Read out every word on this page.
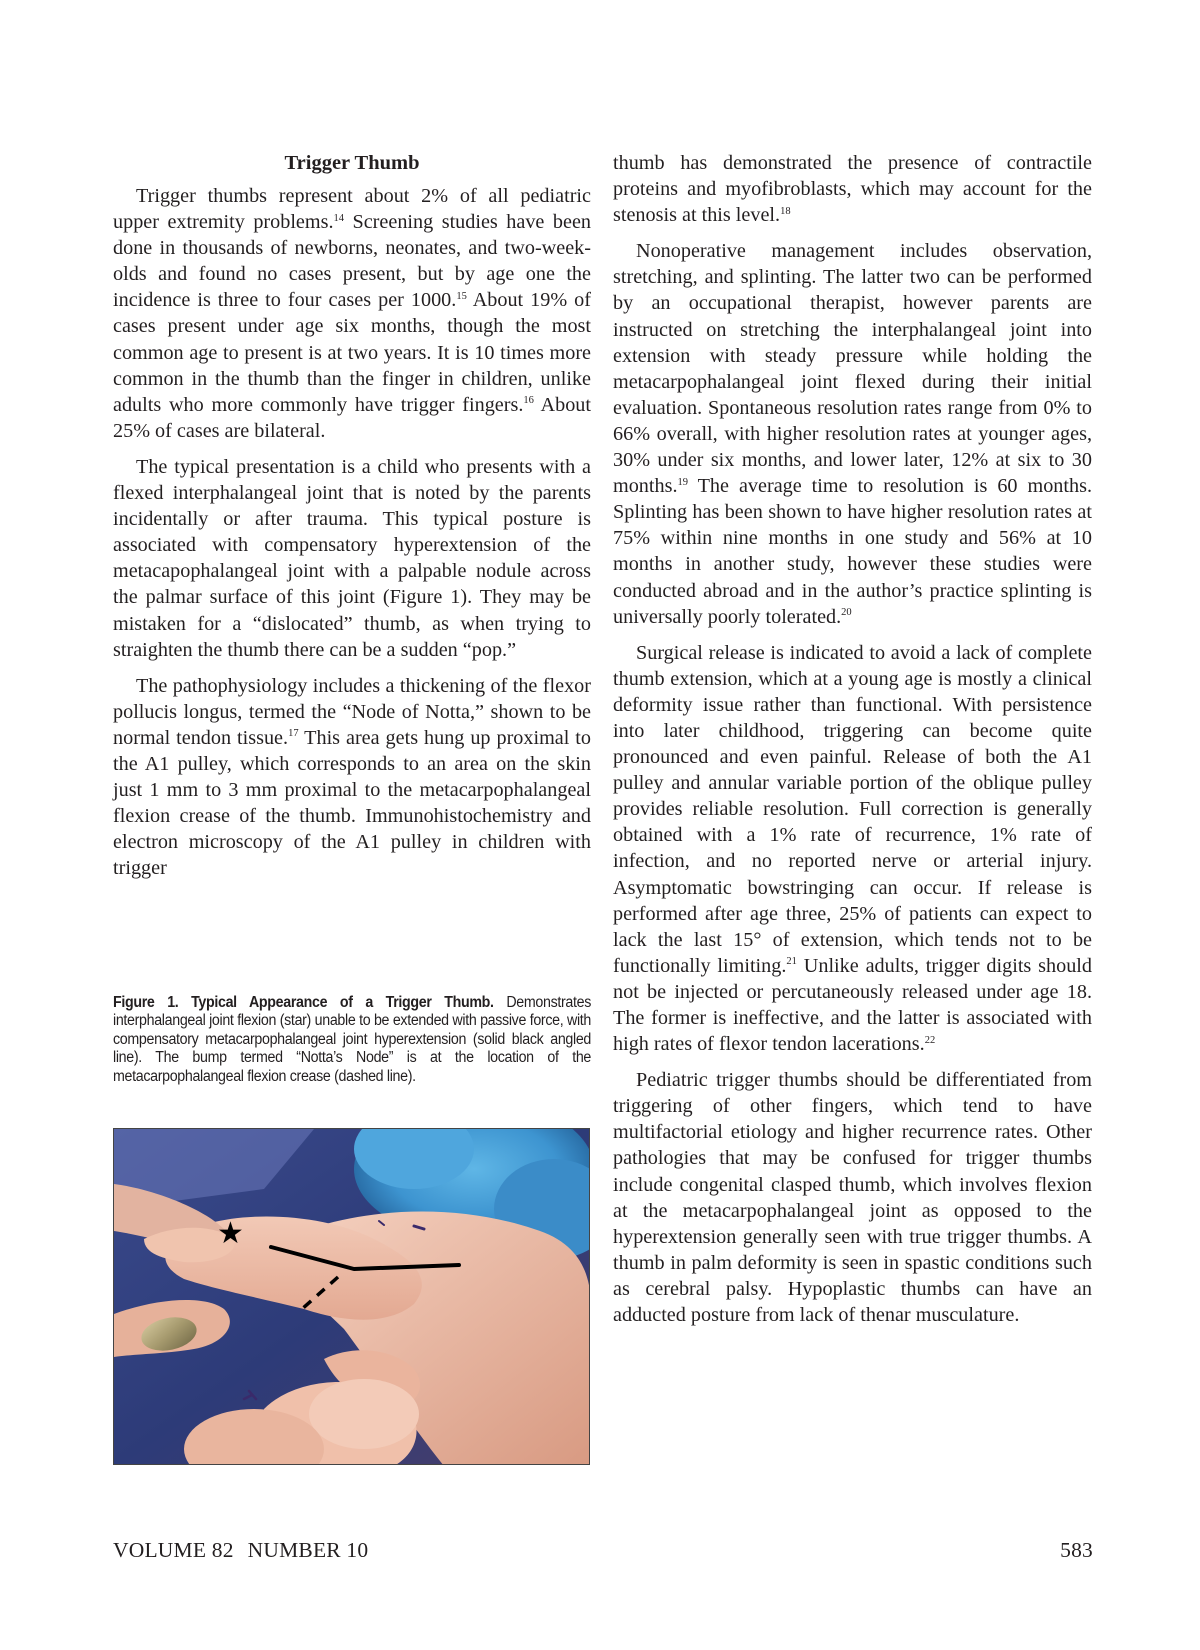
Trigger Thumb

Trigger thumbs represent about 2% of all pediatric upper extremity problems.$^{14}$ Screening studies have been done in thousands of newborns, neonates, and two-week-olds and found no cases present, but by age one the incidence is three to four cases per 1000.15 About 19% of cases present under age six months, though the most common age to present is at two years. It is 10 times more common in the thumb than the finger in children, unlike adults who more commonly have trigger fingers.$^{16}$ About 25% of cases are bilateral.

The typical presentation is a child who presents with a flexed interphalangeal joint that is noted by the parents incidentally or after trauma. This typical posture is associated with compensatory hyperextension of the metacapophalangeal joint with a palpable nodule across the palmar surface of this joint (Figure 1). They may be mistaken for a “dislocated” thumb, as when trying to straighten the thumb there can be a sudden “pop.”

The pathophysiology includes a thickening of the flexor pollucis longus, termed the “Node of Notta,” shown to be normal tendon tissue.$^{17}$ This area gets hung up proximal to the A1 pulley, which corresponds to an area on the skin just 1 mm to 3 mm proximal to the metacarpophalangeal flexion crease of the thumb. Immunohistochemistry and electron microscopy of the A1 pulley in children with trigger

Figure 1. Typical Appearance of a Trigger Thumb. Demonstrates interphalangeal joint flexion (star) unable to be extended with passive force, with compensatory metacarpophalangeal joint hyperextension (solid black angled line). The bump termed “Notta’s Node” is at the location of the metacarpophalangeal flexion crease (dashed line).
★

thumb has demonstrated the presence of contractile proteins and myofibroblasts, which may account for the stenosis at this level.$^{18}$

Nonoperative management includes observation, stretching, and splinting. The latter two can be performed by an occupational therapist, however parents are instructed on stretching the interphalangeal joint into extension with steady pressure while holding the metacarpophalangeal joint flexed during their initial evaluation. Spontaneous resolution rates range from 0% to 66% overall, with higher resolution rates at younger ages, 30% under six months, and lower later, 12% at six to 30 months.$^{19}$ The average time to resolution is 60 months. Splinting has been shown to have higher resolution rates at 75% within nine months in one study and 56% at 10 months in another study, however these studies were conducted abroad and in the author’s practice splinting is universally poorly tolerated.$^{20}$

Surgical release is indicated to avoid a lack of complete thumb extension, which at a young age is mostly a clinical deformity issue rather than functional. With persistence into later childhood, triggering can become quite pronounced and even painful. Release of both the A1 pulley and annular variable portion of the oblique pulley provides reliable resolution. Full correction is generally obtained with a 1% rate of recurrence, 1% rate of infection, and no reported nerve or arterial injury. Asymptomatic bowstringing can occur. If release is performed after age three, 25% of patients can expect to lack the last 15° of extension, which tends not to be functionally limiting.$^{21}$ Unlike adults, trigger digits should not be injected or percutaneously released under age 18. The former is ineffective, and the latter is associated with high rates of flexor tendon lacerations.$^{22}$

Pediatric trigger thumbs should be differentiated from triggering of other fingers, which tend to have multifactorial etiology and higher recurrence rates. Other pathologies that may be confused for trigger thumbs include congenital clasped thumb, which involves flexion at the metacarpophalangeal joint as opposed to the hyperextension generally seen with true trigger thumbs. A thumb in palm deformity is seen in spastic conditions such as cerebral palsy. Hypoplastic thumbs can have an adducted posture from lack of thenar musculature.

VOLUME 82 NUMBER 10	583
